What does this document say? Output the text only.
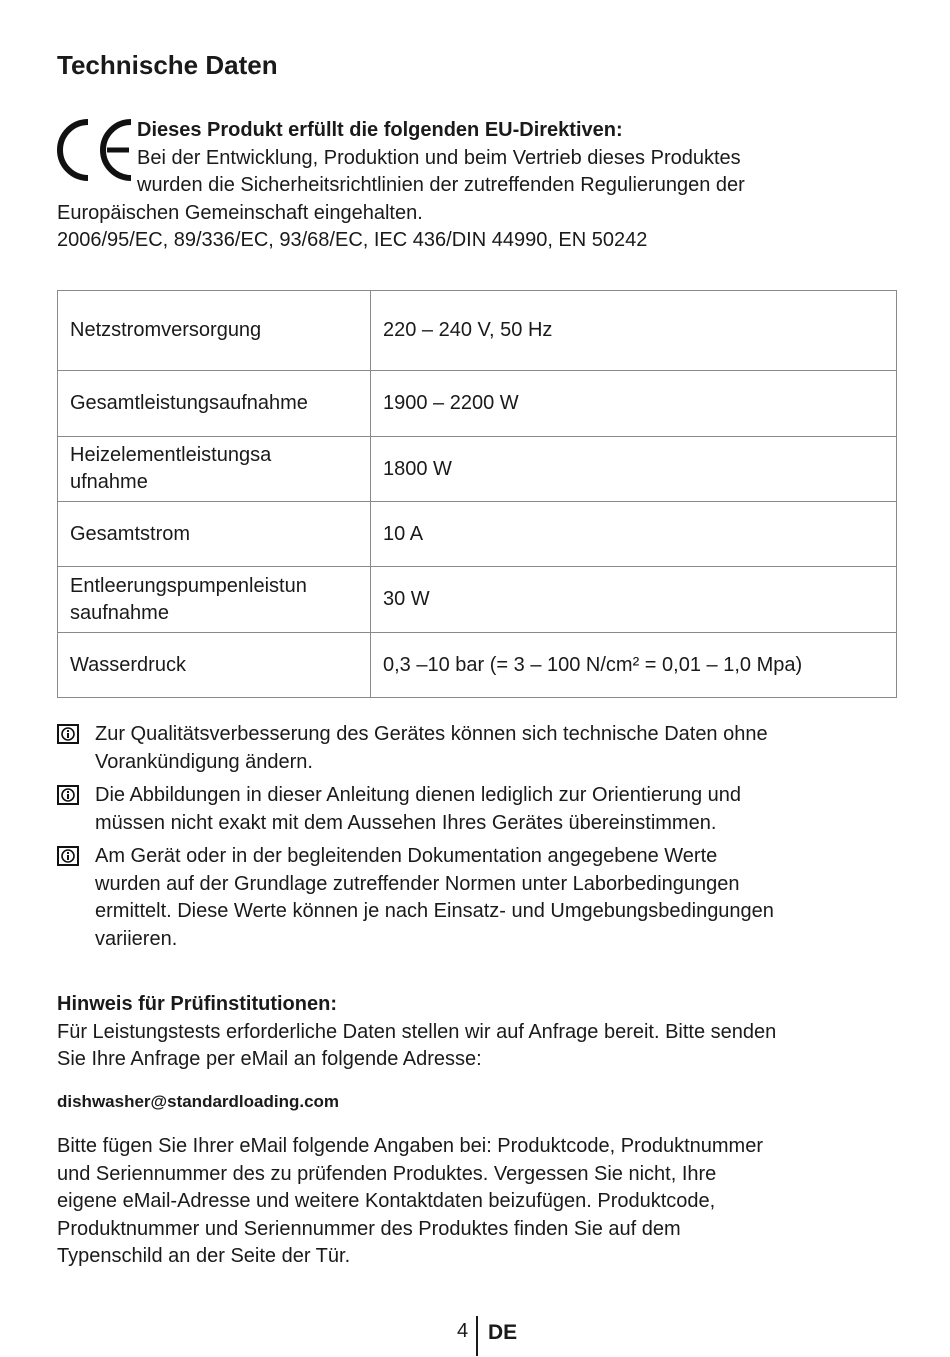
Technische Daten
Dieses Produkt erfüllt die folgenden EU-Direktiven:
Bei der Entwicklung, Produktion und beim Vertrieb dieses Produktes
wurden die Sicherheitsrichtlinien der zutreffenden Regulierungen der
Europäischen Gemeinschaft eingehalten.
2006/95/EC, 89/336/EC, 93/68/EC, IEC 436/DIN 44990, EN 50242
Netzstromversorgung	220 – 240 V, 50 Hz
Gesamtleistungsaufnahme	1900 – 2200 W
Heizelementleistungsa
ufnahme	1800 W
Gesamtstrom	10 A
Entleerungspumpenleistun
saufnahme	30 W
Wasserdruck	0,3 –10 bar (= 3 – 100 N/cm² = 0,01 – 1,0 Mpa)
Zur Qualitätsverbesserung des Gerätes können sich technische Daten ohne
Vorankündigung ändern.
Die Abbildungen in dieser Anleitung dienen lediglich zur Orientierung und
müssen nicht exakt mit dem Aussehen Ihres Gerätes übereinstimmen.
Am Gerät oder in der begleitenden Dokumentation angegebene Werte
wurden auf der Grundlage zutreffender Normen unter Laborbedingungen
ermittelt. Diese Werte können je nach Einsatz- und Umgebungsbedingungen
variieren.

Hinweis für Prüfinstitutionen:

Für Leistungstests erforderliche Daten stellen wir auf Anfrage bereit. Bitte senden
Sie Ihre Anfrage per eMail an folgende Adresse:

dishwasher@standardloading.com

Bitte fügen Sie Ihrer eMail folgende Angaben bei: Produktcode, Produktnummer
und Seriennummer des zu prüfenden Produktes. Vergessen Sie nicht, Ihre
eigene eMail-Adresse und weitere Kontaktdaten beizufügen. Produktcode,
Produktnummer und Seriennummer des Produktes finden Sie auf dem
Typenschild an der Seite der Tür.

4 DE
